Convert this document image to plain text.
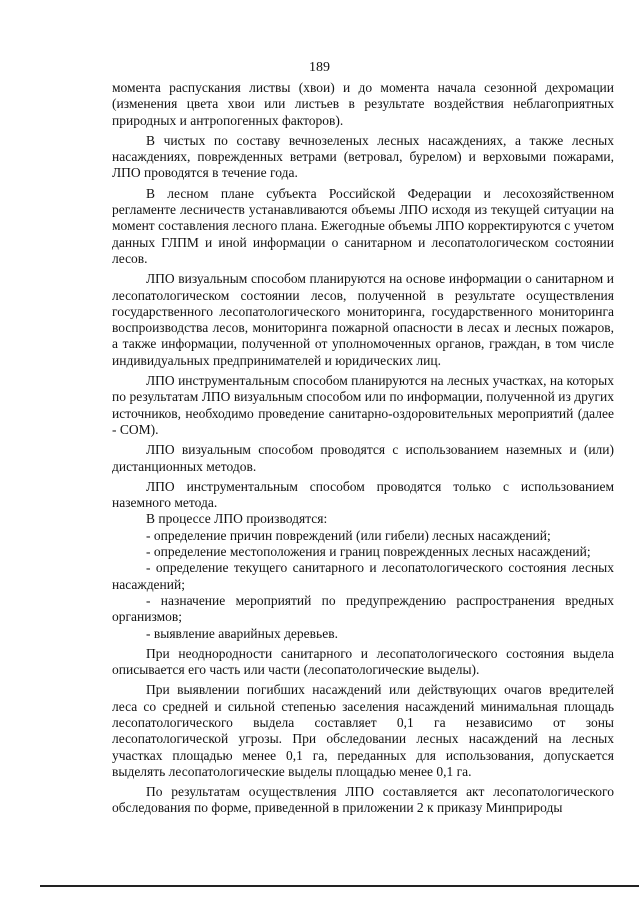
189

момента распускания листвы (хвои) и до момента начала сезонной дехромации (изменения цвета хвои или листьев в результате воздействия неблагоприятных природных и антропогенных факторов).

В чистых по составу вечнозеленых лесных насаждениях, а также лесных насаждениях, поврежденных ветрами (ветровал, бурелом) и верховыми пожарами, ЛПО проводятся в течение года.

В лесном плане субъекта Российской Федерации и лесохозяйственном регламенте лесничеств устанавливаются объемы ЛПО исходя из текущей ситуации на момент составления лесного плана. Ежегодные объемы ЛПО корректируются с учетом данных ГЛПМ и иной информации о санитарном и лесопатологическом состоянии лесов.

ЛПО визуальным способом планируются на основе информации о санитарном и лесопатологическом состоянии лесов, полученной в результате осуществления государственного лесопатологического мониторинга, государственного мониторинга воспроизводства лесов, мониторинга пожарной опасности в лесах и лесных пожаров, а также информации, полученной от уполномоченных органов, граждан, в том числе индивидуальных предпринимателей и юридических лиц.

ЛПО инструментальным способом планируются на лесных участках, на которых по результатам ЛПО визуальным способом или по информации, полученной из других источников, необходимо проведение санитарно-оздоровительных мероприятий (далее - СОМ).

ЛПО визуальным способом проводятся с использованием наземных и (или) дистанционных методов.

ЛПО инструментальным способом проводятся только с использованием наземного метода.

В процессе ЛПО производятся:

- определение причин повреждений (или гибели) лесных насаждений;

- определение местоположения и границ поврежденных лесных насаждений;

- определение текущего санитарного и лесопатологического состояния лесных насаждений;

- назначение мероприятий по предупреждению распространения вредных организмов;

- выявление аварийных деревьев.

При неоднородности санитарного и лесопатологического состояния выдела описывается его часть или части (лесопатологические выделы).

При выявлении погибших насаждений или действующих очагов вредителей леса со средней и сильной степенью заселения насаждений минимальная площадь лесопатологического выдела составляет 0,1 га независимо от зоны лесопатологической угрозы. При обследовании лесных насаждений на лесных участках площадью менее 0,1 га, переданных для использования, допускается выделять лесопатологические выделы площадью менее 0,1 га.

По результатам осуществления ЛПО составляется акт лесопатологического обследования по форме, приведенной в приложении 2 к приказу Минприроды
